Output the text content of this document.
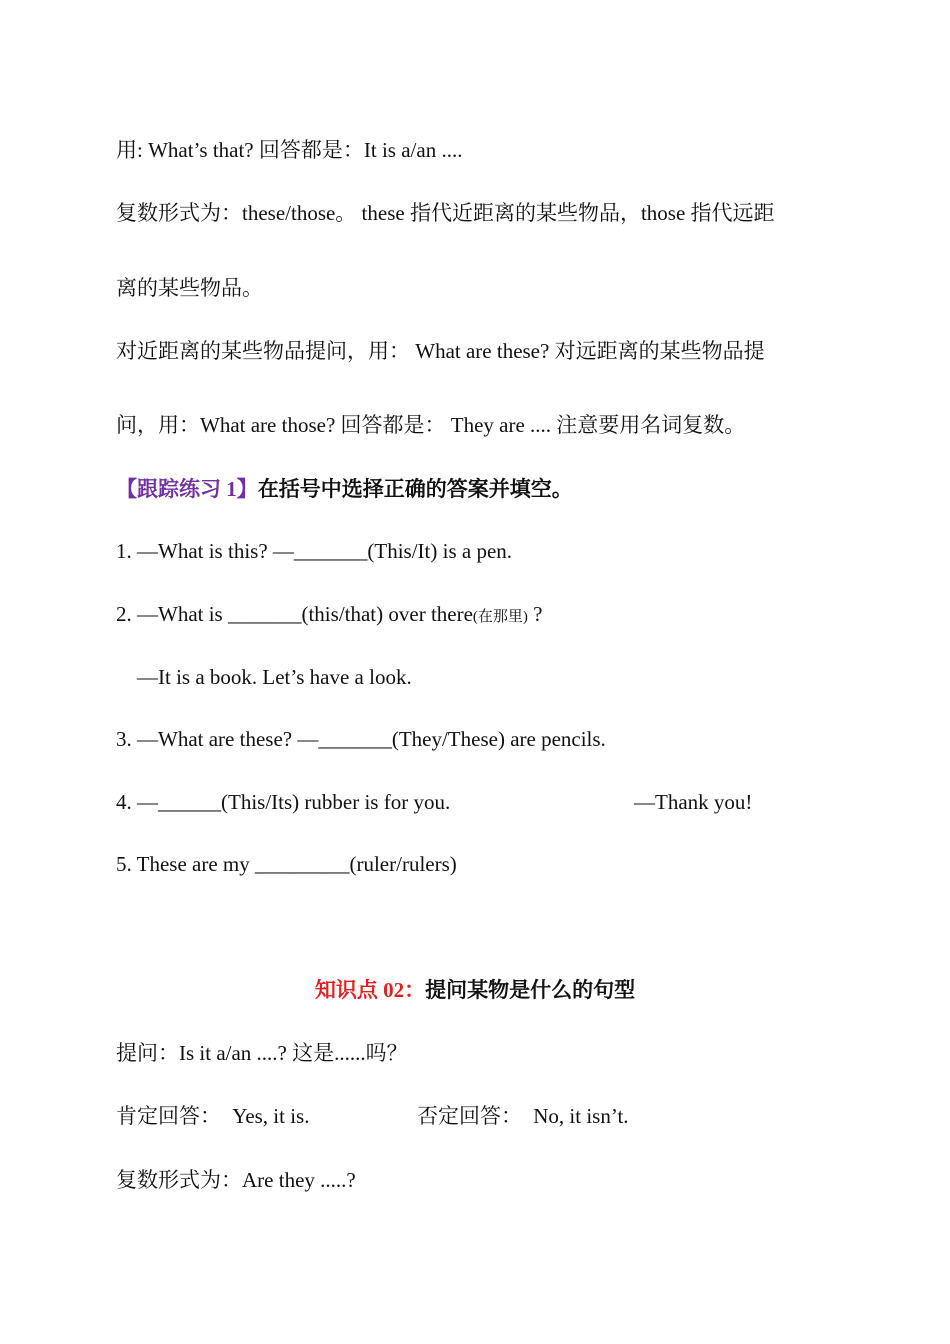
用: What’s that? 回答都是：It is a/an ....
复数形式为：these/those。 these 指代近距离的某些物品，those 指代远距
离的某些物品。
对近距离的某些物品提问，用： What are these? 对远距离的某些物品提
问，用：What are those? 回答都是： They are .... 注意要用名词复数。
【跟踪练习 1】在括号中选择正确的答案并填空。
1. —What is this? —_______(This/It) is a pen.
2. —What is _______(this/that) over there(在那里) ?
—It is a book. Let’s have a look.
3. —What are these? —_______(They/These) are pencils.
4. —______(This/Its) rubber is for you.	—Thank you!
5. These are my _________(ruler/rulers)
知识点 02：提问某物是什么的句型
提问：Is it a/an ....? 这是......吗？
肯定回答： Yes, it is.	否定回答： No, it isn’t.
复数形式为：Are they .....?
